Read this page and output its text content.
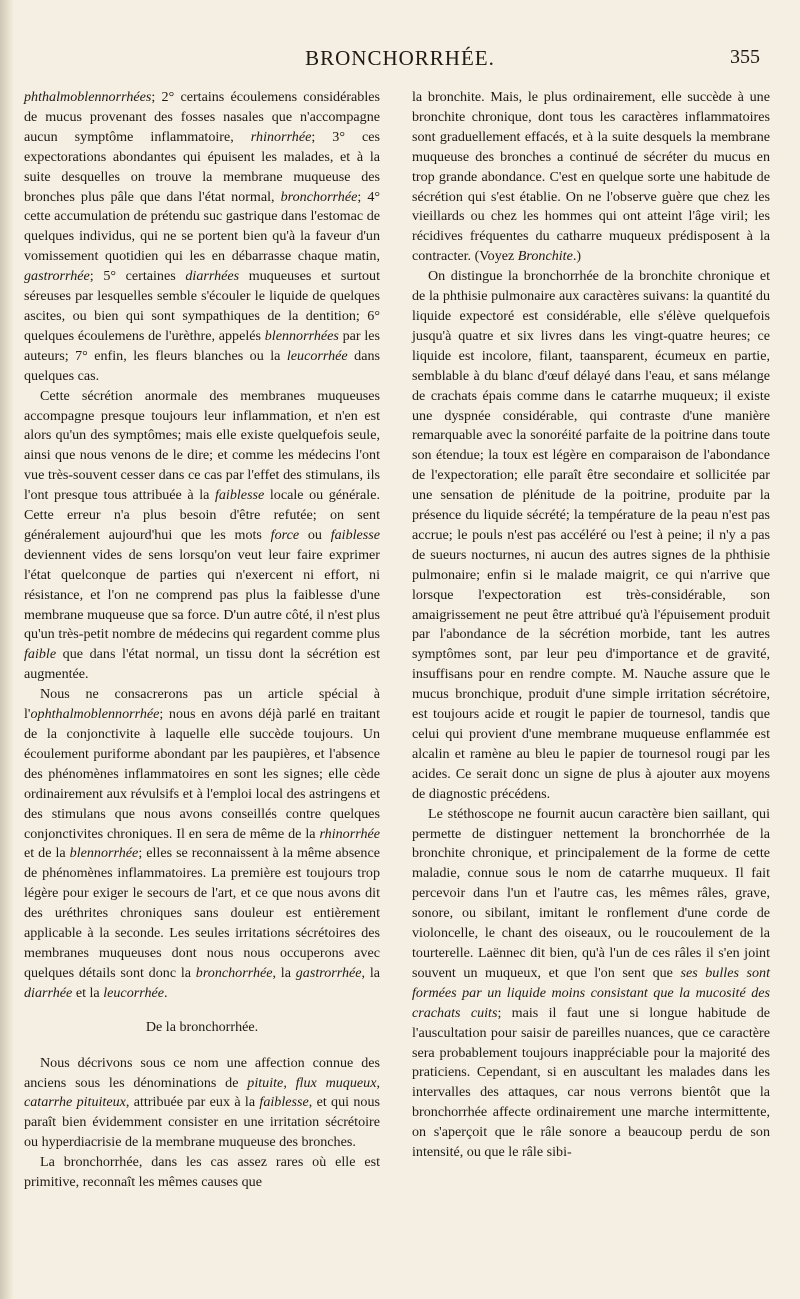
BRONCHORRHÉE.	355

phthalmoblennorrhées; 2° certains écoulemens considérables de mucus provenant des fosses nasales que n'accompagne aucun symptôme inflammatoire, rhinorrhée; 3° ces expectorations abondantes qui épuisent les malades, et à la suite desquelles on trouve la membrane muqueuse des bronches plus pâle que dans l'état normal, bronchorrhée; 4° cette accumulation de prétendu suc gastrique dans l'estomac de quelques individus, qui ne se portent bien qu'à la faveur d'un vomissement quotidien qui les en débarrasse chaque matin, gastrorrhée; 5° certaines diarrhées muqueuses et surtout séreuses par lesquelles semble s'écouler le liquide de quelques ascites, ou bien qui sont sympathiques de la dentition; 6° quelques écoulemens de l'urèthre, appelés blennorrhées par les auteurs; 7° enfin, les fleurs blanches ou la leucorrhée dans quelques cas.

Cette sécrétion anormale des membranes muqueuses accompagne presque toujours leur inflammation, et n'en est alors qu'un des symptômes; mais elle existe quelquefois seule, ainsi que nous venons de le dire; et comme les médecins l'ont vue très-souvent cesser dans ce cas par l'effet des stimulans, ils l'ont presque tous attribuée à la faiblesse locale ou générale. Cette erreur n'a plus besoin d'être refutée; on sent généralement aujourd'hui que les mots force ou faiblesse deviennent vides de sens lorsqu'on veut leur faire exprimer l'état quelconque de parties qui n'exercent ni effort, ni résistance, et l'on ne comprend pas plus la faiblesse d'une membrane muqueuse que sa force. D'un autre côté, il n'est plus qu'un très-petit nombre de médecins qui regardent comme plus faible que dans l'état normal, un tissu dont la sécrétion est augmentée.

Nous ne consacrerons pas un article spécial à l'ophthalmoblennorrhée; nous en avons déjà parlé en traitant de la conjonctivite à laquelle elle succède toujours. Un écoulement puriforme abondant par les paupières, et l'absence des phénomènes inflammatoires en sont les signes; elle cède ordinairement aux révulsifs et à l'emploi local des astringens et des stimulans que nous avons conseillés contre quelques conjonctivites chroniques. Il en sera de même de la rhinorrhée et de la blennorrhée; elles se reconnaissent à la même absence de phénomènes inflammatoires. La première est toujours trop légère pour exiger le secours de l'art, et ce que nous avons dit des uréthrites chroniques sans douleur est entièrement applicable à la seconde. Les seules irritations sécrétoires des membranes muqueuses dont nous nous occuperons avec quelques détails sont donc la bronchorrhée, la gastrorrhée, la diarrhée et la leucorrhée.

De la bronchorrhée.

Nous décrivons sous ce nom une affection connue des anciens sous les dénominations de pituite, flux muqueux, catarrhe pituiteux, attribuée par eux à la faiblesse, et qui nous paraît bien évidemment consister en une irritation sécrétoire ou hyperdiacrisie de la membrane muqueuse des bronches.

La bronchorrhée, dans les cas assez rares où elle est primitive, reconnaît les mêmes causes que

la bronchite. Mais, le plus ordinairement, elle succède à une bronchite chronique, dont tous les caractères inflammatoires sont graduellement effacés, et à la suite desquels la membrane muqueuse des bronches a continué de sécréter du mucus en trop grande abondance. C'est en quelque sorte une habitude de sécrétion qui s'est établie. On ne l'observe guère que chez les vieillards ou chez les hommes qui ont atteint l'âge viril; les récidives fréquentes du catharre muqueux prédisposent à la contracter. (Voyez Bronchite.)

On distingue la bronchorrhée de la bronchite chronique et de la phthisie pulmonaire aux caractères suivans: la quantité du liquide expectoré est considérable, elle s'élève quelquefois jusqu'à quatre et six livres dans les vingt-quatre heures; ce liquide est incolore, filant, taansparent, écumeux en partie, semblable à du blanc d'œuf délayé dans l'eau, et sans mélange de crachats épais comme dans le catarrhe muqueux; il existe une dyspnée considérable, qui contraste d'une manière remarquable avec la sonoréité parfaite de la poitrine dans toute son étendue; la toux est légère en comparaison de l'abondance de l'expectoration; elle paraît être secondaire et sollicitée par une sensation de plénitude de la poitrine, produite par la présence du liquide sécrété; la température de la peau n'est pas accrue; le pouls n'est pas accéléré ou l'est à peine; il n'y a pas de sueurs nocturnes, ni aucun des autres signes de la phthisie pulmonaire; enfin si le malade maigrit, ce qui n'arrive que lorsque l'expectoration est très-considérable, son amaigrissement ne peut être attribué qu'à l'épuisement produit par l'abondance de la sécrétion morbide, tant les autres symptômes sont, par leur peu d'importance et de gravité, insuffisans pour en rendre compte. M. Nauche assure que le mucus bronchique, produit d'une simple irritation sécrétoire, est toujours acide et rougit le papier de tournesol, tandis que celui qui provient d'une membrane muqueuse enflammée est alcalin et ramène au bleu le papier de tournesol rougi par les acides. Ce serait donc un signe de plus à ajouter aux moyens de diagnostic précédens.

Le stéthoscope ne fournit aucun caractère bien saillant, qui permette de distinguer nettement la bronchorrhée de la bronchite chronique, et principalement de la forme de cette maladie, connue sous le nom de catarrhe muqueux. Il fait percevoir dans l'un et l'autre cas, les mêmes râles, grave, sonore, ou sibilant, imitant le ronflement d'une corde de violoncelle, le chant des oiseaux, ou le roucoulement de la tourterelle. Laënnec dit bien, qu'à l'un de ces râles il s'en joint souvent un muqueux, et que l'on sent que ses bulles sont formées par un liquide moins consistant que la mucosité des crachats cuits; mais il faut une si longue habitude de l'auscultation pour saisir de pareilles nuances, que ce caractère sera probablement toujours inappréciable pour la majorité des praticiens. Cependant, si en auscultant les malades dans les intervalles des attaques, car nous verrons bientôt que la bronchorrhée affecte ordinairement une marche intermittente, on s'aperçoit que le râle sonore a beaucoup perdu de son intensité, ou que le râle sibi-
